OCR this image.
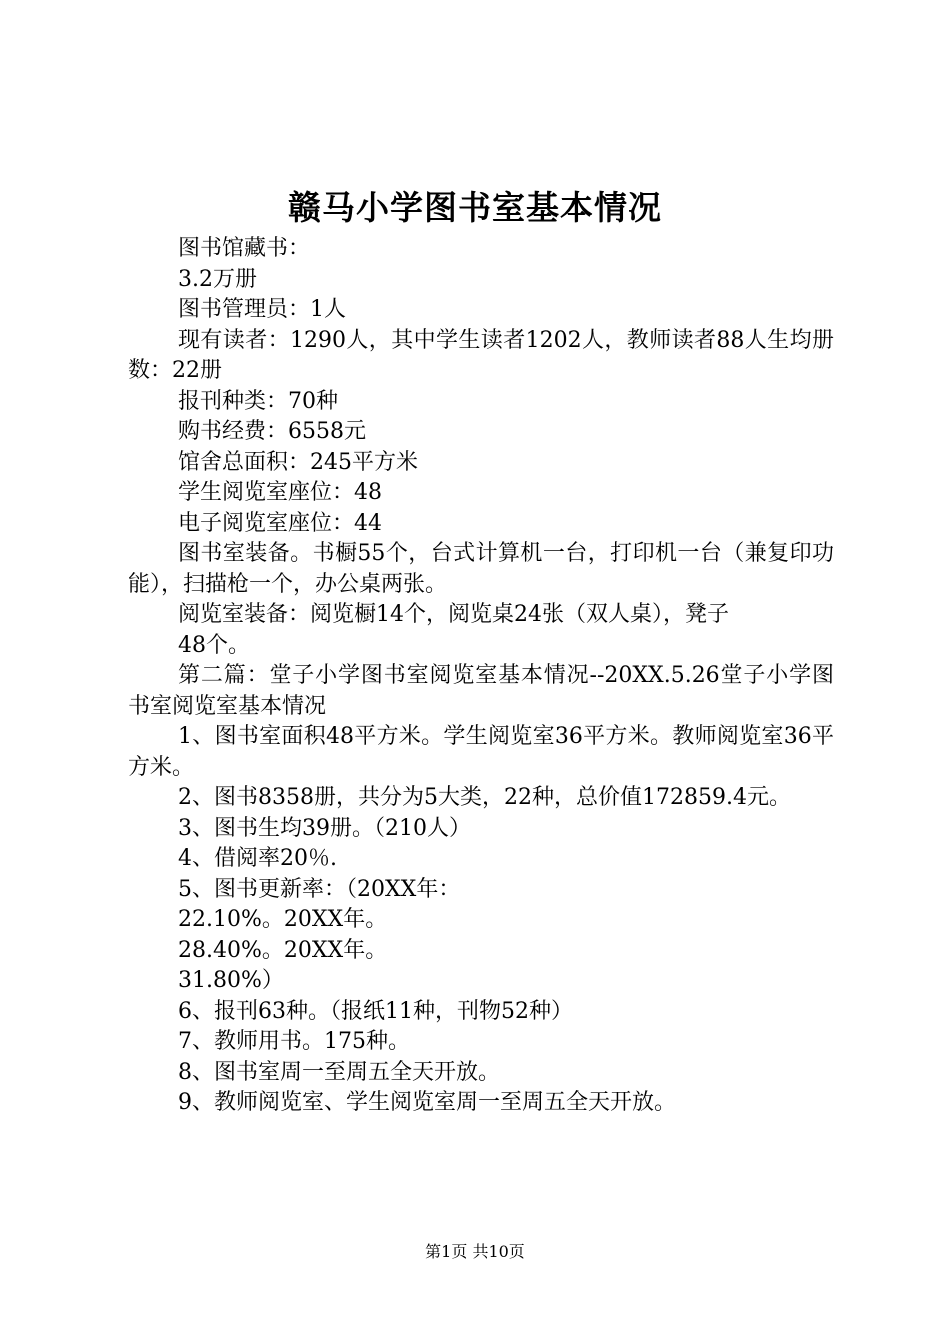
赣马小学图书室基本情况

图书馆藏书：

3.2万册

图书管理员：1人

现有读者：1290人，其中学生读者1202人，教师读者88人生均册数：22册

报刊种类：70种

购书经费：6558元

馆舍总面积：245平方米

学生阅览室座位：48

电子阅览室座位：44

图书室装备。书橱55个，台式计算机一台，打印机一台（兼复印功能），扫描枪一个，办公桌两张。

阅览室装备：阅览橱14个，阅览桌24张（双人桌），凳子

48个。

第二篇：堂子小学图书室阅览室基本情况--20XX.5.26堂子小学图书室阅览室基本情况

1、图书室面积48平方米。学生阅览室36平方米。教师阅览室36平方米。

2、图书8358册，共分为5大类，22种，总价值172859.4元。

3、图书生均39册。（210人）

4、借阅率20％.

5、图书更新率：（20XX年：

22.10%。20XX年。

28.40%。20XX年。

31.80%）

6、报刊63种。（报纸11种，刊物52种）

7、教师用书。175种。

8、图书室周一至周五全天开放。

9、教师阅览室、学生阅览室周一至周五全天开放。

第1页 共10页
